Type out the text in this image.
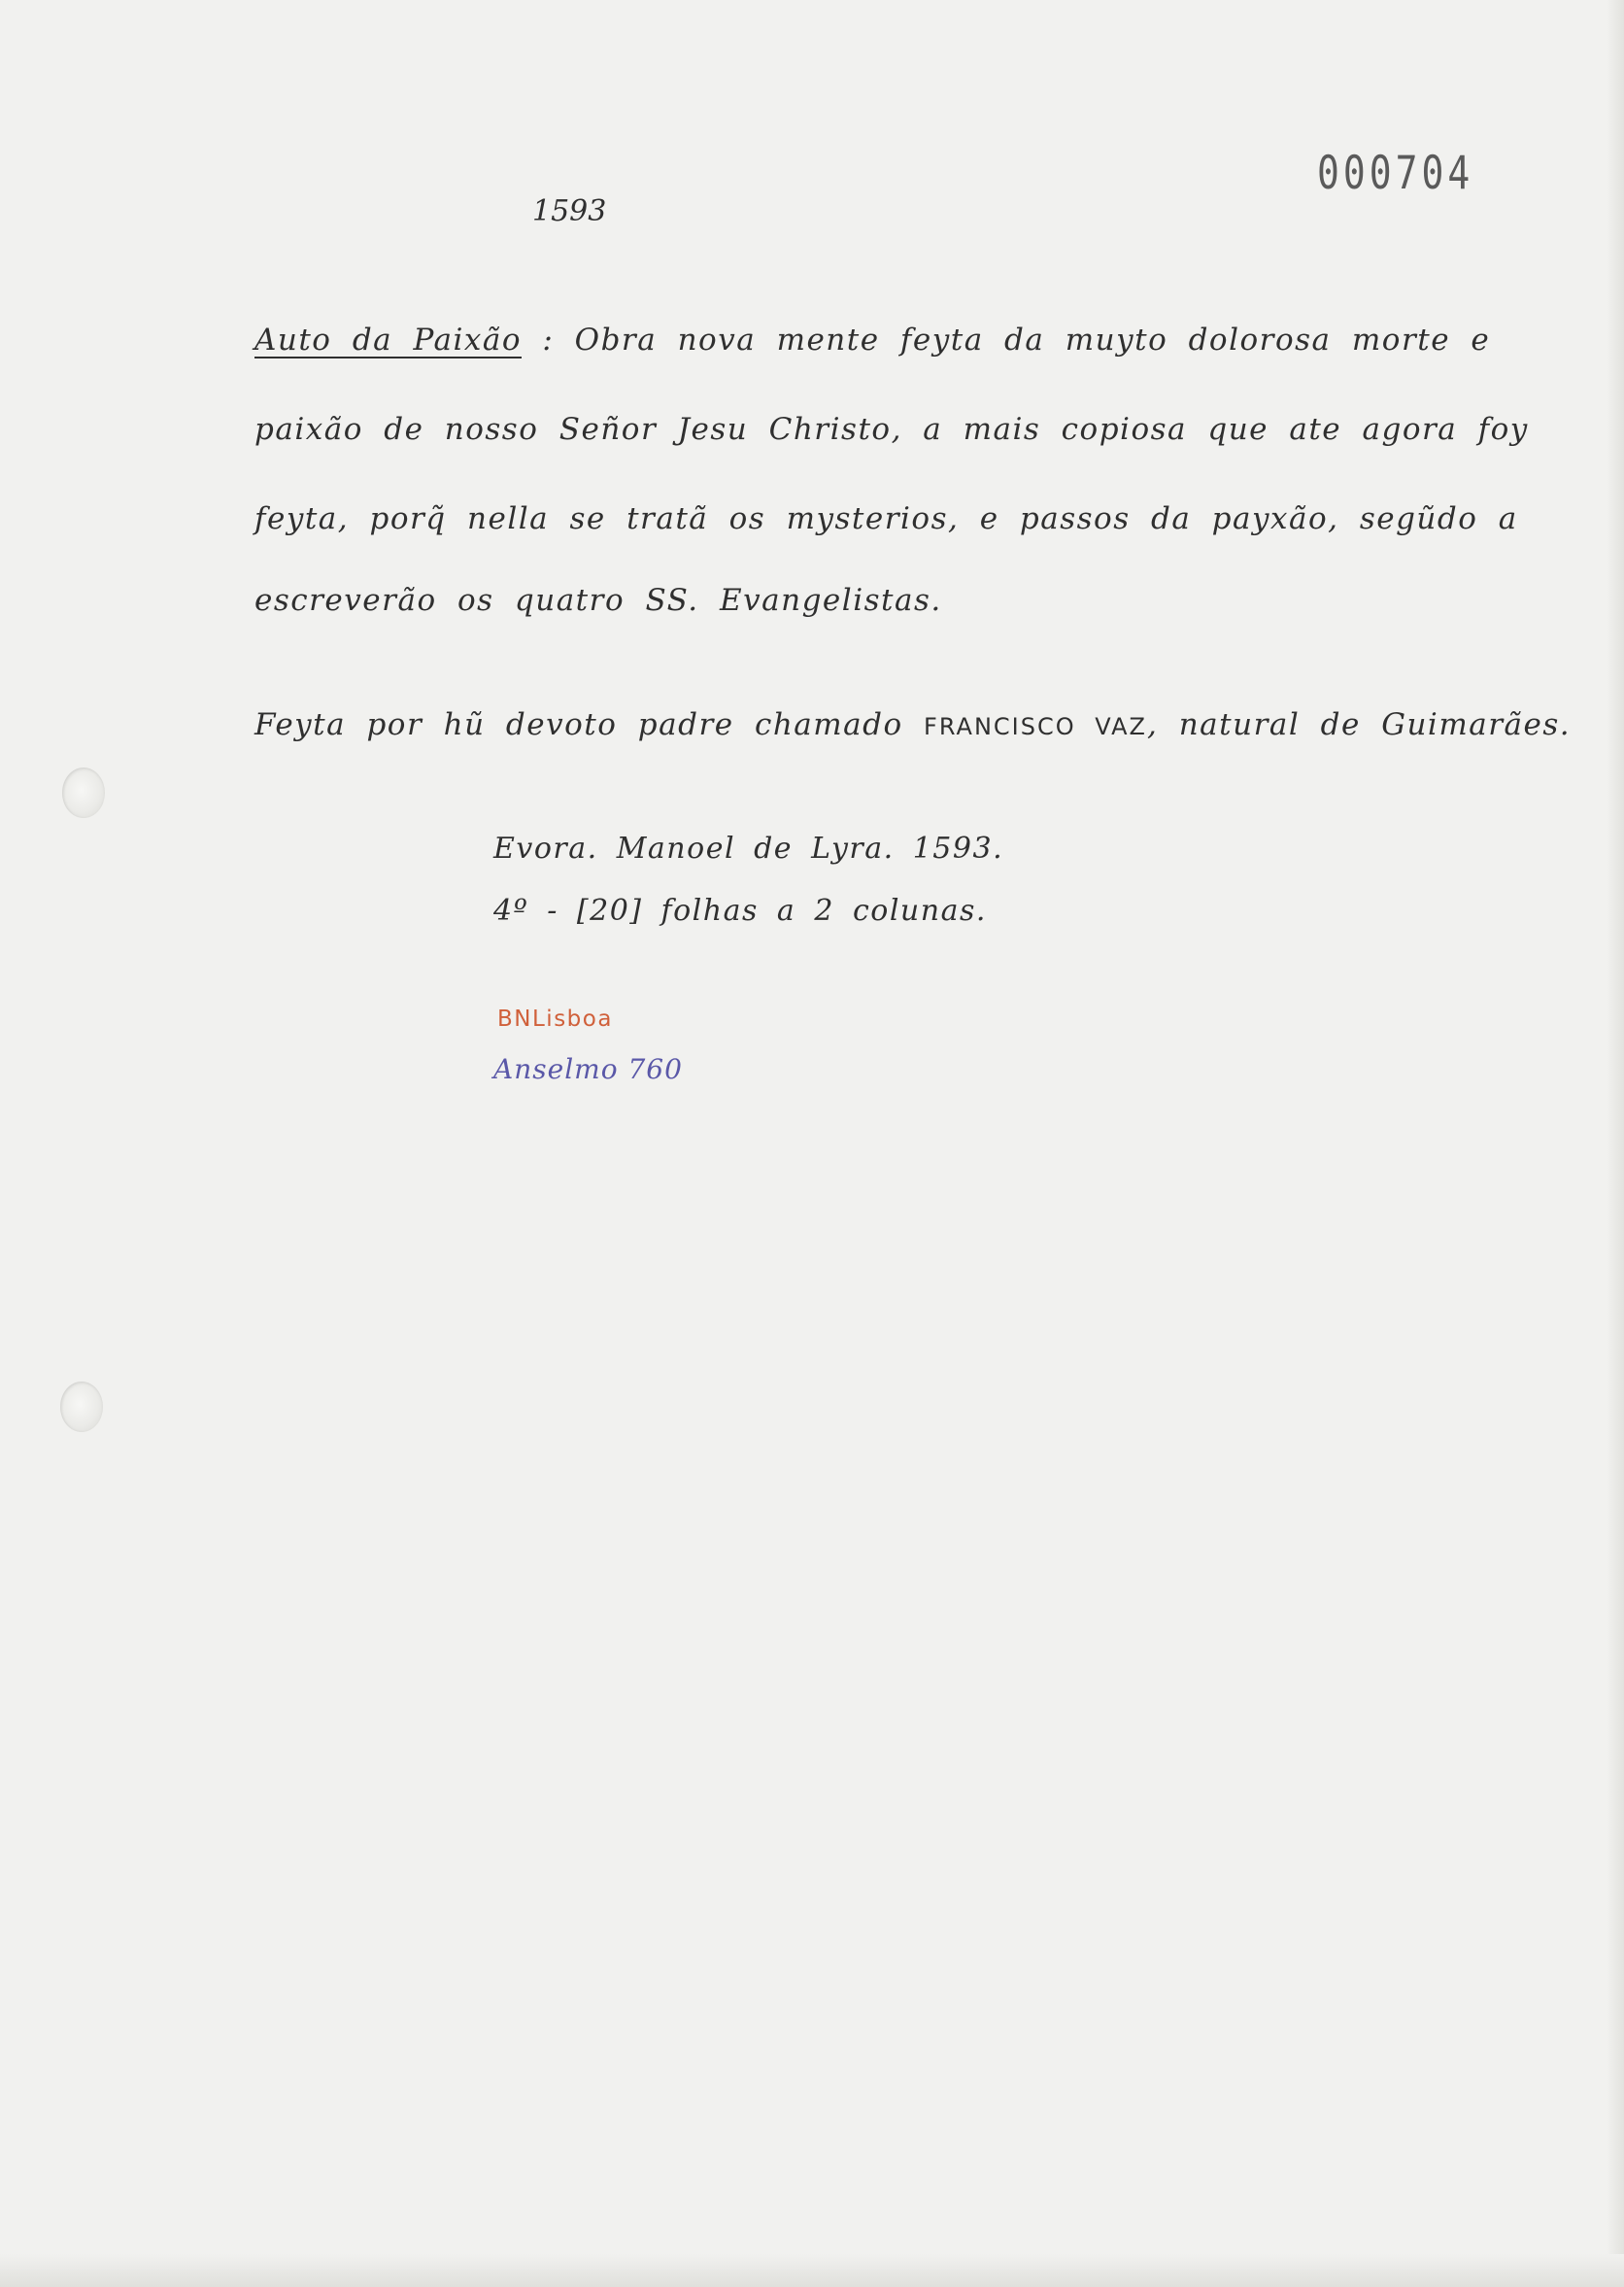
000704
1593
Auto da Paixão : Obra nova mente feyta da muyto dolorosa morte e
paixão de nosso Señor Jesu Christo, a mais copiosa que ate agora foy
feyta, porq̃ nella se tratã os mysterios, e passos da payxão, segũdo a
escreverão os quatro SS. Evangelistas.
Feyta por hũ devoto padre chamado FRANCISCO VAZ, natural de Guimarães.
Evora. Manoel de Lyra. 1593.
4º - [20] folhas a 2 colunas.
BNLisboa
Anselmo 760
